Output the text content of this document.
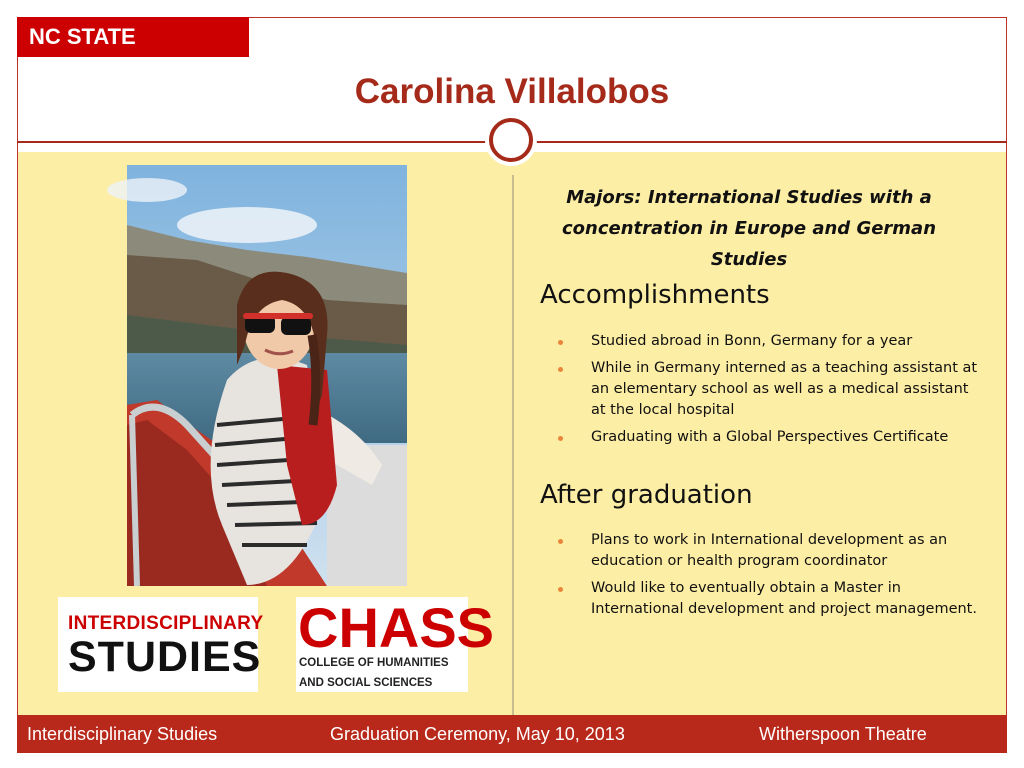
NC STATE UNIVERSITY	Carolina Villalobos
INTERDISCIPLINARY
STUDIES CHASS
COLLEGE OF HUMANITIES
AND SOCIAL SCIENCES
Majors: International Studies with a
concentration in Europe and German
Studies
Accomplishments
Studied abroad in Bonn, Germany for a year
While in Germany interned as a teaching assistant at an elementary school as well as a medical assistant at the local hospital
Graduating with a Global Perspectives Certificate
After graduation
Plans to work in International development as an education or health program coordinator
Would like to eventually obtain a Master in International development and project management.
Interdisciplinary Studies	Graduation Ceremony, May 10, 2013	Witherspoon Theatre
